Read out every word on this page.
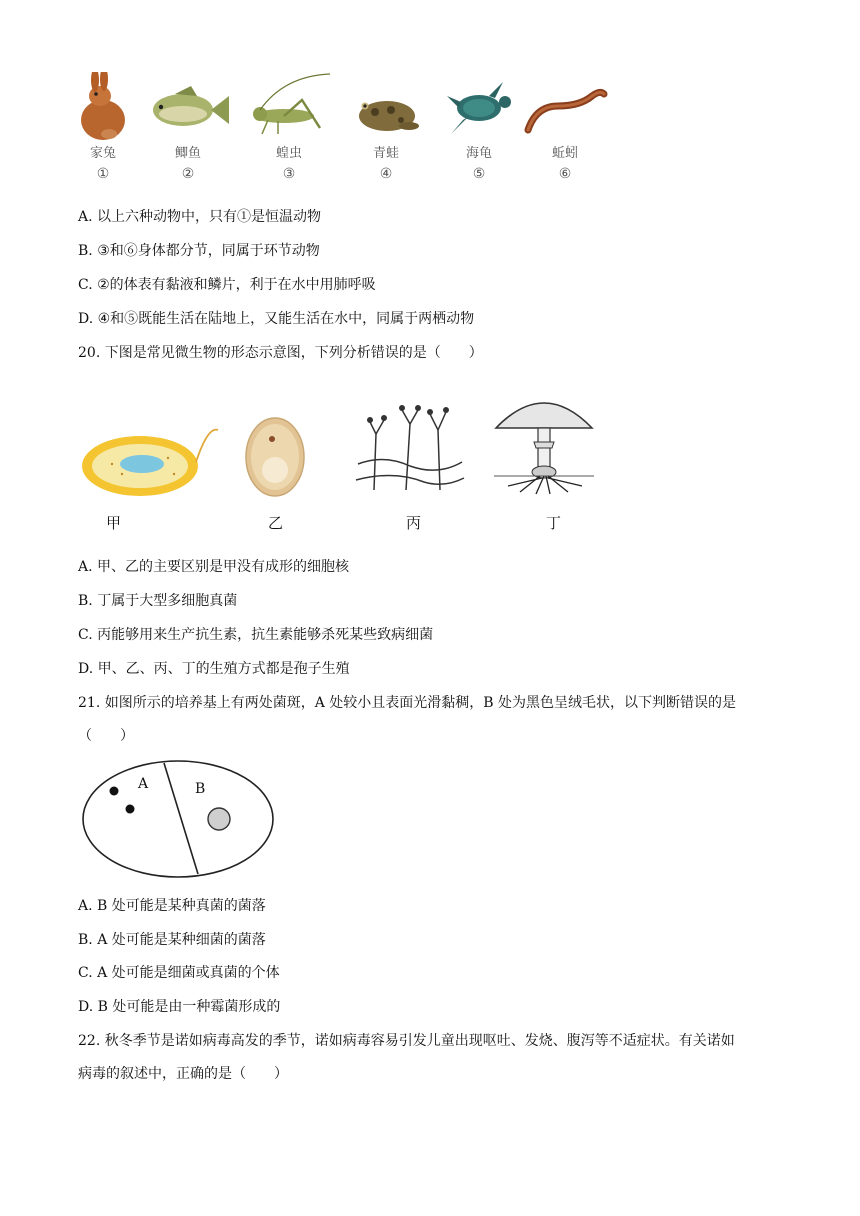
家兔
①
鲫鱼
②
蝗虫
③
青蛙
④
海龟
⑤
蚯蚓
⑥
A. 以上六种动物中，只有①是恒温动物
B. ③和⑥身体都分节，同属于环节动物
C. ②的体表有黏液和鳞片，利于在水中用肺呼吸
D. ④和⑤既能生活在陆地上，又能生活在水中，同属于两栖动物
20. 下图是常见微生物的形态示意图，下列分析错误的是（　　）
甲	乙	丙	丁
A. 甲、乙的主要区别是甲没有成形的细胞核
B. 丁属于大型多细胞真菌
C. 丙能够用来生产抗生素，抗生素能够杀死某些致病细菌
D. 甲、乙、丙、丁的生殖方式都是孢子生殖
21. 如图所示的培养基上有两处菌斑，A 处较小且表面光滑黏稠，B 处为黑色呈绒毛状，以下判断错误的是
（　　）
A	B
A. B 处可能是某种真菌的菌落
B. A 处可能是某种细菌的菌落
C. A 处可能是细菌或真菌的个体
D. B 处可能是由一种霉菌形成的
22. 秋冬季节是诺如病毒高发的季节，诺如病毒容易引发儿童出现呕吐、发烧、腹泻等不适症状。有关诺如
病毒的叙述中，正确的是（　　）
